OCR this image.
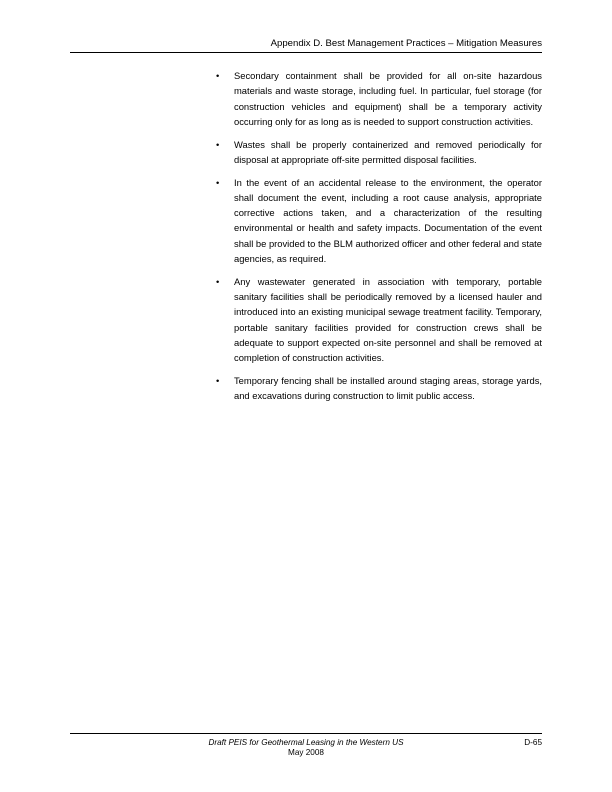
Appendix D. Best Management Practices – Mitigation Measures
• Secondary containment shall be provided for all on-site hazardous materials and waste storage, including fuel. In particular, fuel storage (for construction vehicles and equipment) shall be a temporary activity occurring only for as long as is needed to support construction activities.
• Wastes shall be properly containerized and removed periodically for disposal at appropriate off-site permitted disposal facilities.
• In the event of an accidental release to the environment, the operator shall document the event, including a root cause analysis, appropriate corrective actions taken, and a characterization of the resulting environmental or health and safety impacts. Documentation of the event shall be provided to the BLM authorized officer and other federal and state agencies, as required.
• Any wastewater generated in association with temporary, portable sanitary facilities shall be periodically removed by a licensed hauler and introduced into an existing municipal sewage treatment facility. Temporary, portable sanitary facilities provided for construction crews shall be adequate to support expected on-site personnel and shall be removed at completion of construction activities.
• Temporary fencing shall be installed around staging areas, storage yards, and excavations during construction to limit public access.
Draft PEIS for Geothermal Leasing in the Western US
May 2008
D-65
